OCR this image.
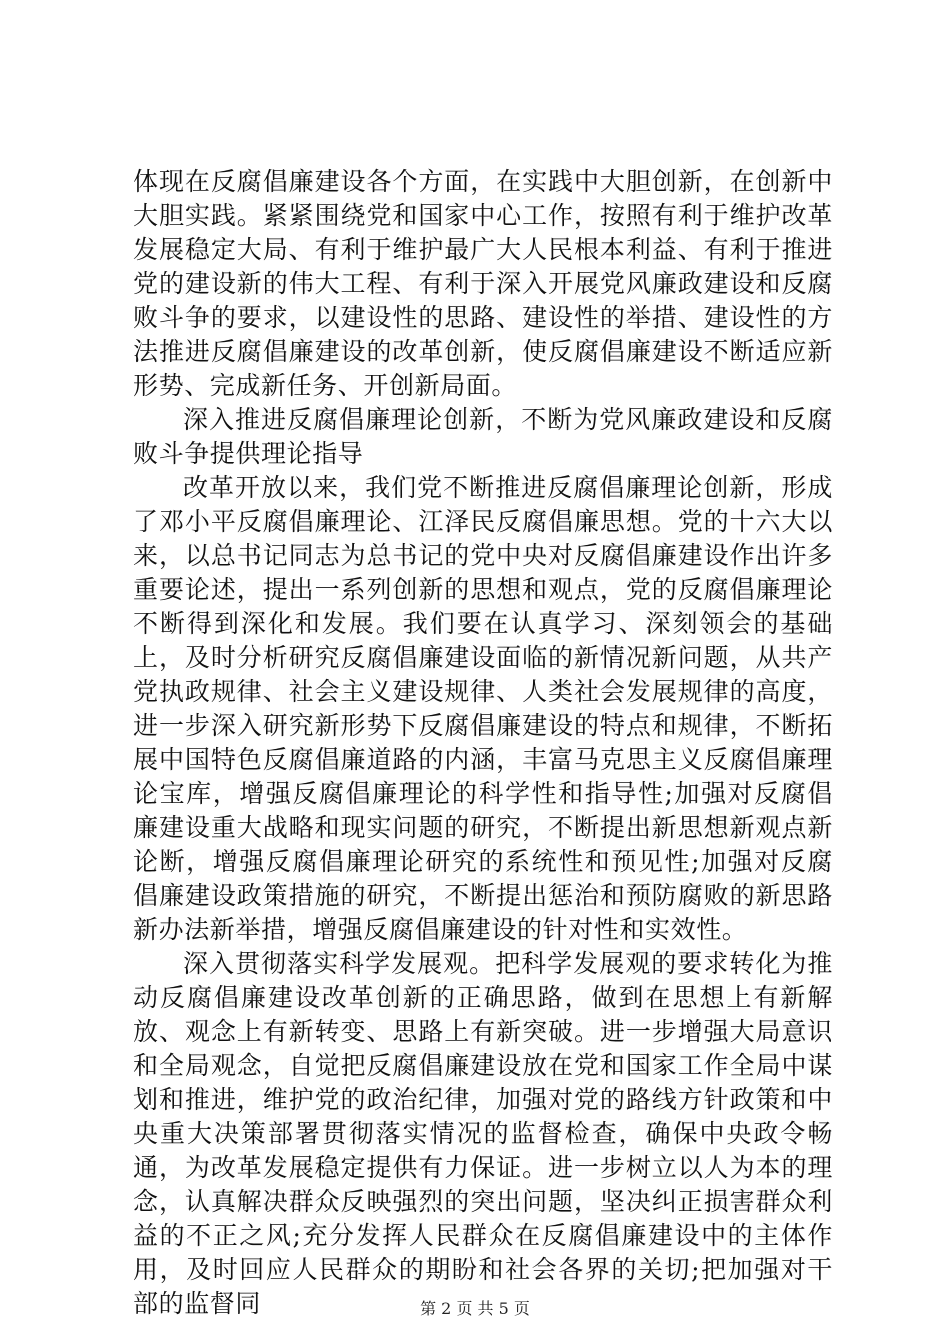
体现在反腐倡廉建设各个方面，在实践中大胆创新，在创新中大胆实践。紧紧围绕党和国家中心工作，按照有利于维护改革发展稳定大局、有利于维护最广大人民根本利益、有利于推进党的建设新的伟大工程、有利于深入开展党风廉政建设和反腐败斗争的要求，以建设性的思路、建设性的举措、建设性的方法推进反腐倡廉建设的改革创新，使反腐倡廉建设不断适应新形势、完成新任务、开创新局面。

深入推进反腐倡廉理论创新，不断为党风廉政建设和反腐败斗争提供理论指导

改革开放以来，我们党不断推进反腐倡廉理论创新，形成了邓小平反腐倡廉理论、江泽民反腐倡廉思想。党的十六大以来，以总书记同志为总书记的党中央对反腐倡廉建设作出许多重要论述，提出一系列创新的思想和观点，党的反腐倡廉理论不断得到深化和发展。我们要在认真学习、深刻领会的基础上，及时分析研究反腐倡廉建设面临的新情况新问题，从共产党执政规律、社会主义建设规律、人类社会发展规律的高度，进一步深入研究新形势下反腐倡廉建设的特点和规律，不断拓展中国特色反腐倡廉道路的内涵，丰富马克思主义反腐倡廉理论宝库，增强反腐倡廉理论的科学性和指导性;加强对反腐倡廉建设重大战略和现实问题的研究，不断提出新思想新观点新论断，增强反腐倡廉理论研究的系统性和预见性;加强对反腐倡廉建设政策措施的研究，不断提出惩治和预防腐败的新思路新办法新举措，增强反腐倡廉建设的针对性和实效性。

深入贯彻落实科学发展观。把科学发展观的要求转化为推动反腐倡廉建设改革创新的正确思路，做到在思想上有新解放、观念上有新转变、思路上有新突破。进一步增强大局意识和全局观念，自觉把反腐倡廉建设放在党和国家工作全局中谋划和推进，维护党的政治纪律，加强对党的路线方针政策和中央重大决策部署贯彻落实情况的监督检查，确保中央政令畅通，为改革发展稳定提供有力保证。进一步树立以人为本的理念，认真解决群众反映强烈的突出问题，坚决纠正损害群众利益的不正之风;充分发挥人民群众在反腐倡廉建设中的主体作用，及时回应人民群众的期盼和社会各界的关切;把加强对干部的监督同	第 2 页 共 5 页
